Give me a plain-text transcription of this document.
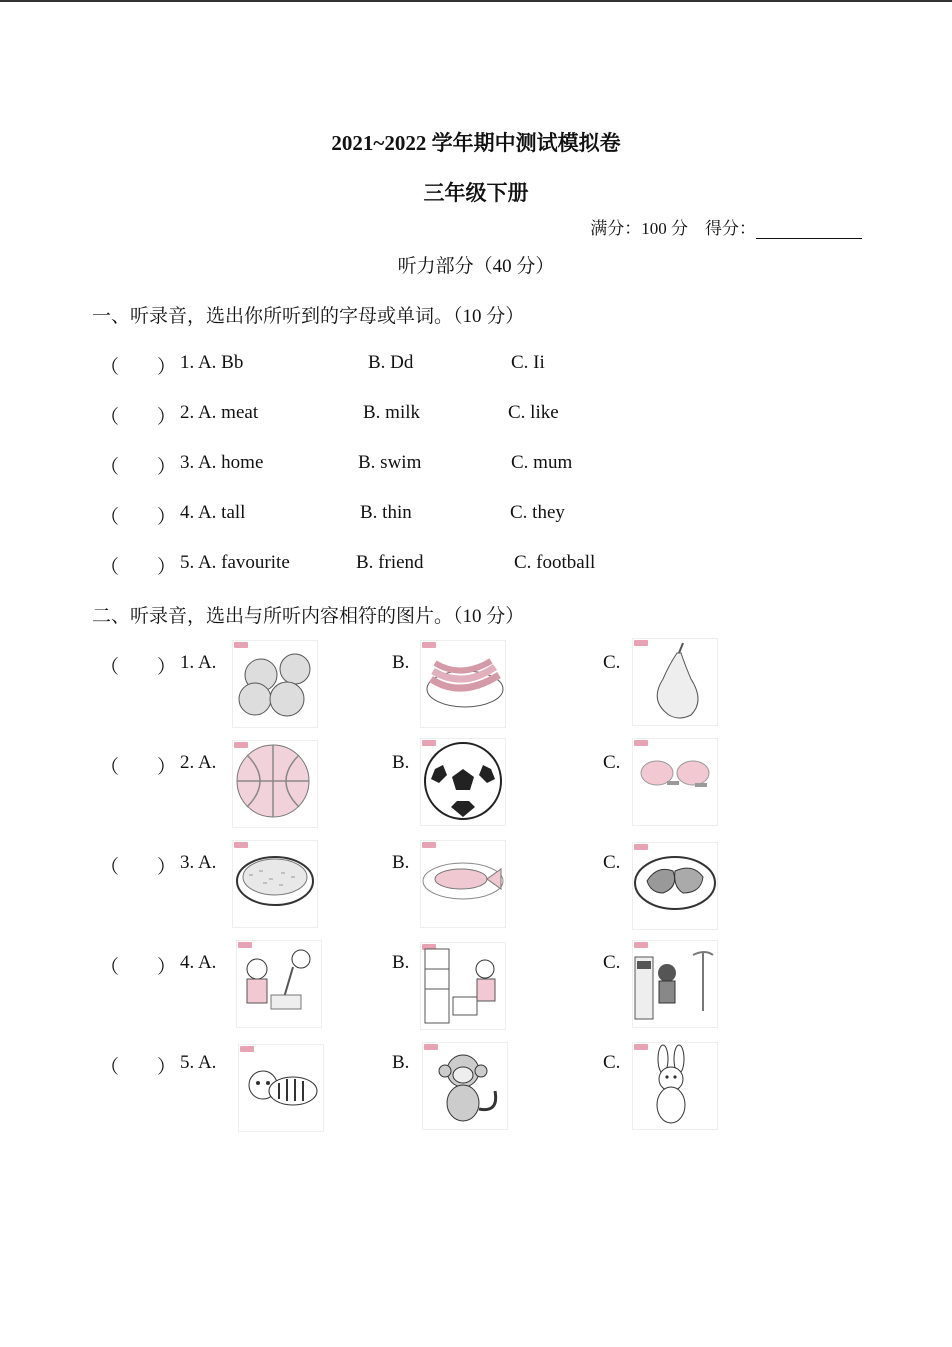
2021~2022 学年期中测试模拟卷
三年级下册
满分：100 分　得分：
听力部分（40 分）
一、听录音，选出你所听到的字母或单词。（10 分）
（　　） 1. A. Bb	B. Dd	C. Ii
（　　） 2. A. meat	B. milk	C. like
（　　） 3. A. home	B. swim	C. mum
（　　） 4. A. tall	B. thin	C. they
（　　） 5. A. favourite	B. friend	C. football
二、听录音，选出与所听内容相符的图片。（10 分）
（　　） 1. A.	B.	C.
（　　） 2. A.	B.	C.
（　　） 3. A.	B.	C.
（　　） 4. A.	B.	C.
（　　） 5. A.	B.	C.
